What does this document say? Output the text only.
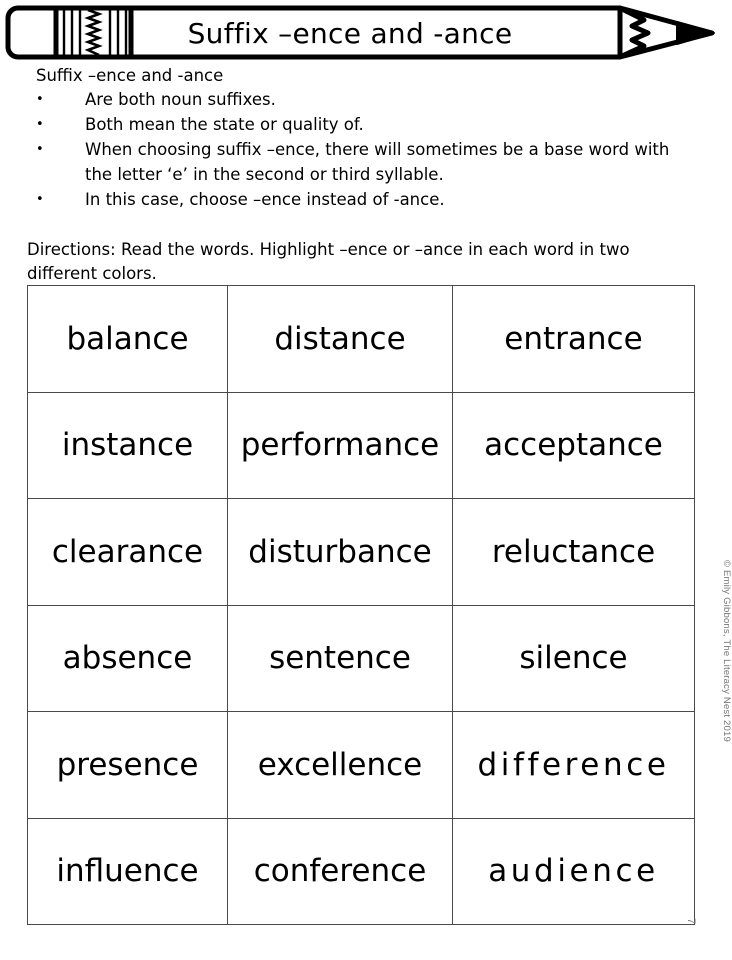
Suffix –ence and -ance
Suffix –ence and -ance
•	Are both noun suffixes.
•	Both mean the state or quality of.
•	When choosing suffix –ence, there will sometimes be a base word with the letter ‘e’ in the second or third syllable.
•	In this case, choose –ence instead of -ance.
Directions: Read the words. Highlight –ence or –ance in each word in two different colors.
balance	distance	entrance
instance	performance	acceptance
clearance	disturbance	reluctance
absence	sentence	silence
presence	excellence	difference
influence	conference	audience
© Emily Gibbons, The Literacy Nest 2019
7
